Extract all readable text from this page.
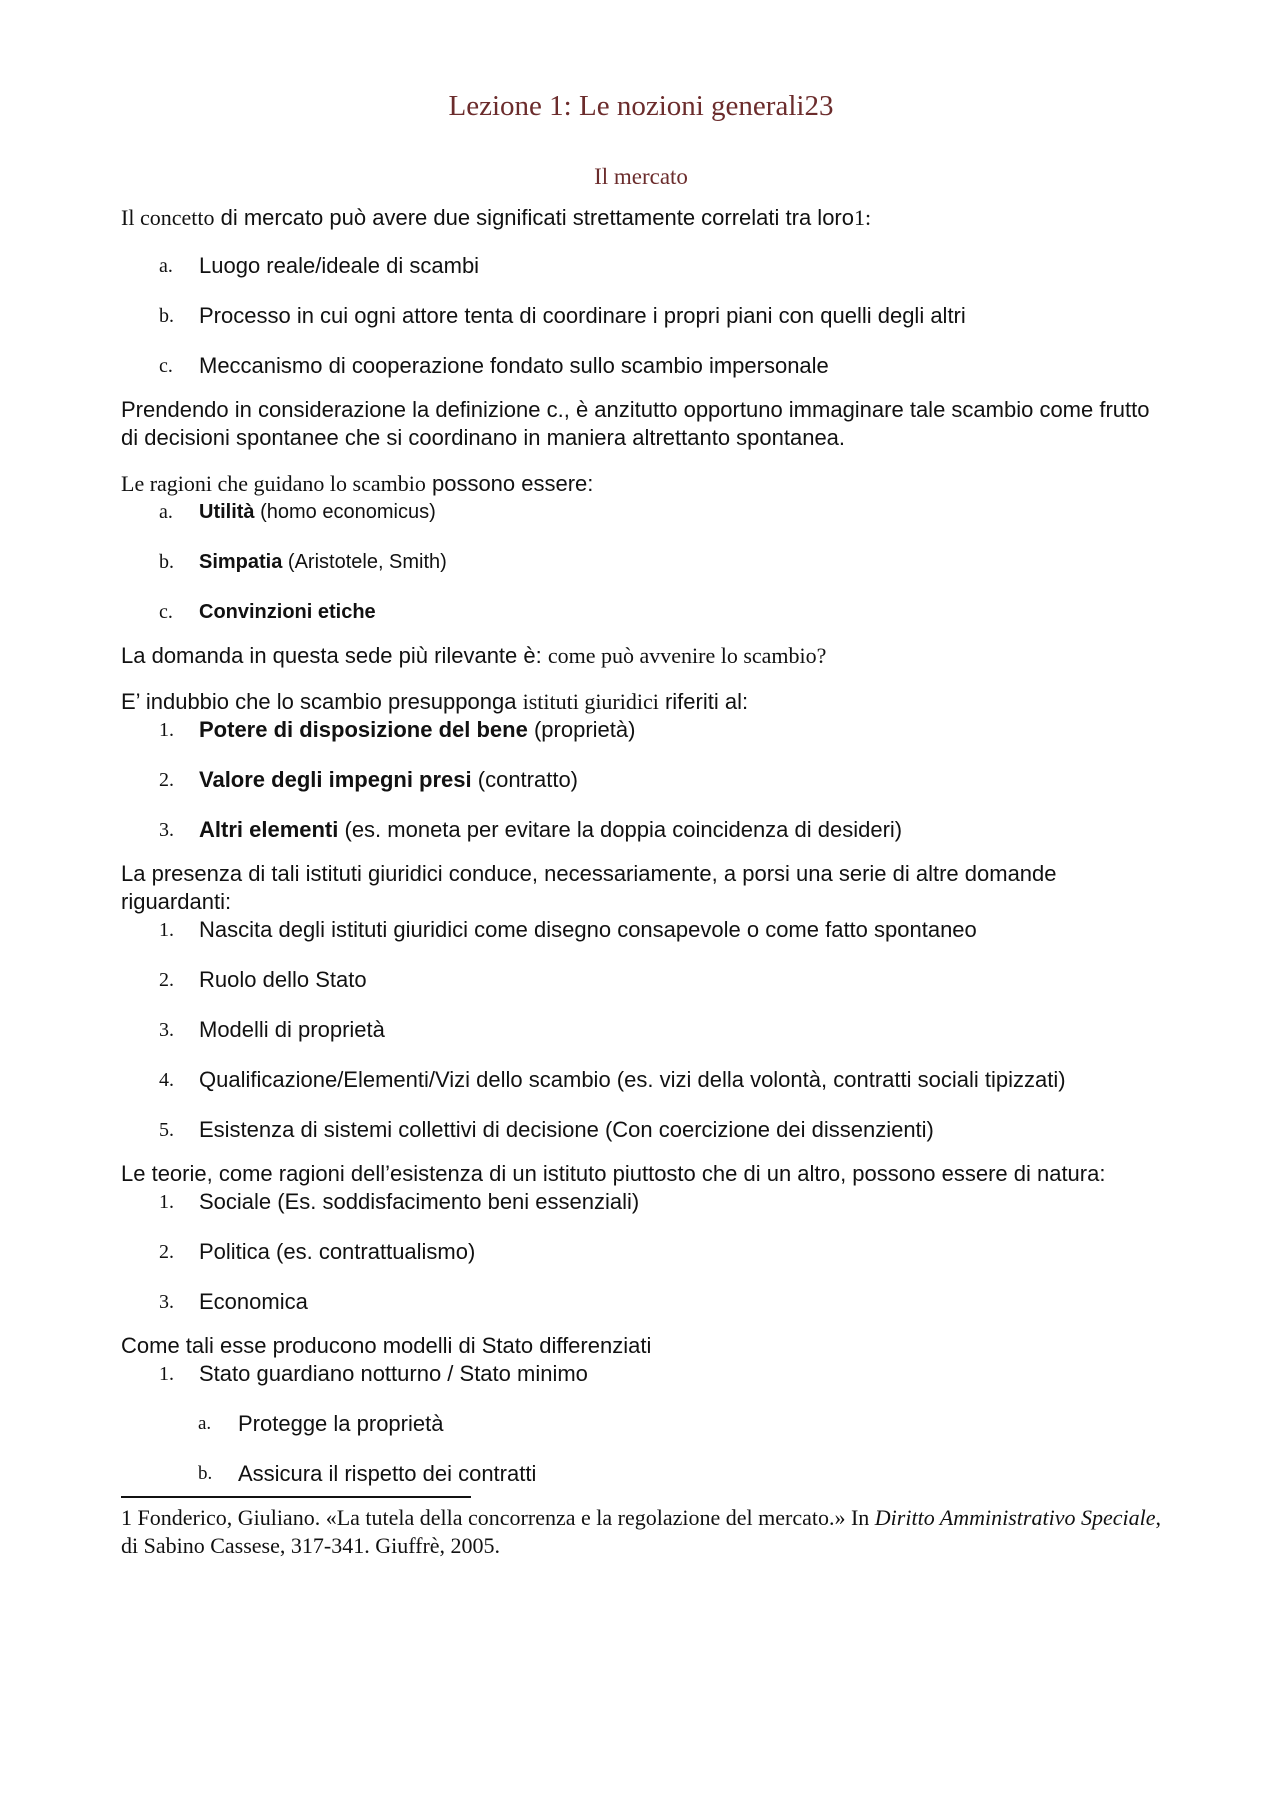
Lezione 1: Le nozioni generali23
Il mercato

Il concetto di mercato può avere due significati strettamente correlati tra loro1:

a. Luogo reale/ideale di scambi
b. Processo in cui ogni attore tenta di coordinare i propri piani con quelli degli altri
c. Meccanismo di cooperazione fondato sullo scambio impersonale

Prendendo in considerazione la definizione c., è anzitutto opportuno immaginare tale scambio come frutto di decisioni spontanee che si coordinano in maniera altrettanto spontanea.

Le ragioni che guidano lo scambio possono essere:

a. Utilità (homo economicus)
b. Simpatia (Aristotele, Smith)
c. Convinzioni etiche

La domanda in questa sede più rilevante è: come può avvenire lo scambio?

E’ indubbio che lo scambio presupponga istituti giuridici riferiti al:

1. Potere di disposizione del bene (proprietà)
2. Valore degli impegni presi (contratto)
3. Altri elementi (es. moneta per evitare la doppia coincidenza di desideri)

La presenza di tali istituti giuridici conduce, necessariamente, a porsi una serie di altre domande riguardanti:

1. Nascita degli istituti giuridici come disegno consapevole o come fatto spontaneo
2. Ruolo dello Stato
3. Modelli di proprietà
4. Qualificazione/Elementi/Vizi dello scambio (es. vizi della volontà, contratti sociali tipizzati)
5. Esistenza di sistemi collettivi di decisione (Con coercizione dei dissenzienti)

Le teorie, come ragioni dell’esistenza di un istituto piuttosto che di un altro, possono essere di natura:

1. Sociale (Es. soddisfacimento beni essenziali)
2. Politica (es. contrattualismo)
3. Economica

Come tali esse producono modelli di Stato differenziati

1. Stato guardiano notturno / Stato minimo
a. Protegge la proprietà
b. Assicura il rispetto dei contratti

1 Fonderico, Giuliano. «La tutela della concorrenza e la regolazione del mercato.» In Diritto Amministrativo Speciale, di Sabino Cassese, 317-341. Giuffrè, 2005.
